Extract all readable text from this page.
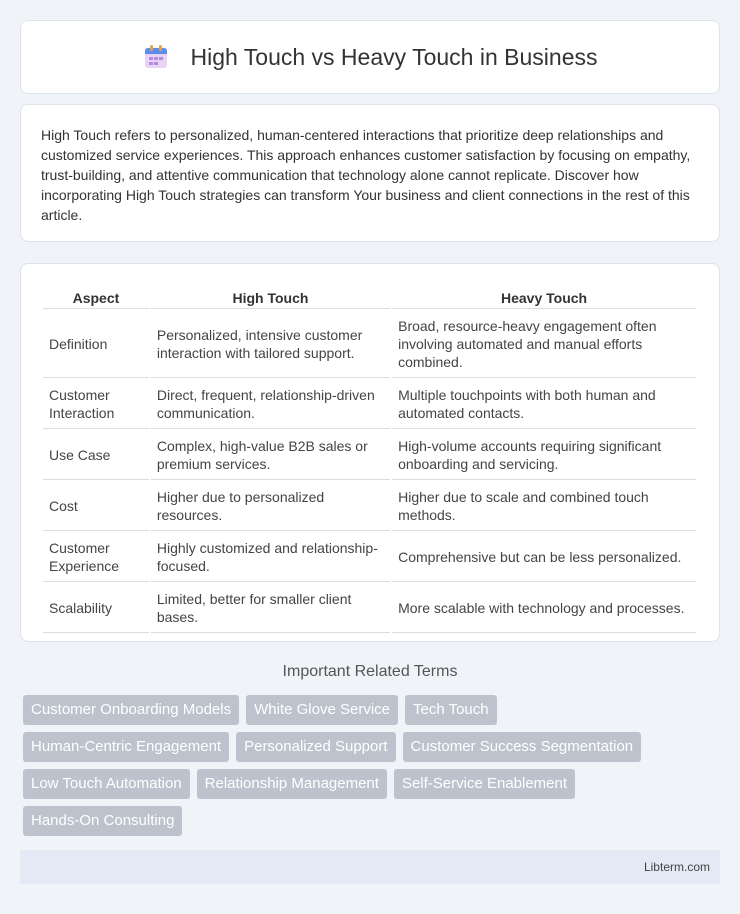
High Touch vs Heavy Touch in Business

High Touch refers to personalized, human-centered interactions that prioritize deep relationships and customized service experiences. This approach enhances customer satisfaction by focusing on empathy, trust-building, and attentive communication that technology alone cannot replicate. Discover how incorporating High Touch strategies can transform Your business and client connections in the rest of this article.

Aspect	High Touch	Heavy Touch
Definition	Personalized, intensive customer interaction with tailored support.	Broad, resource-heavy engagement often involving automated and manual efforts combined.
Customer Interaction	Direct, frequent, relationship-driven communication.	Multiple touchpoints with both human and automated contacts.
Use Case	Complex, high-value B2B sales or premium services.	High-volume accounts requiring significant onboarding and servicing.
Cost	Higher due to personalized resources.	Higher due to scale and combined touch methods.
Customer Experience	Highly customized and relationship-focused.	Comprehensive but can be less personalized.
Scalability	Limited, better for smaller client bases.	More scalable with technology and processes.
Important Related Terms
Customer Onboarding Models	White Glove Service	Tech Touch
Human-Centric Engagement	Personalized Support	Customer Success Segmentation
Low Touch Automation	Relationship Management	Self-Service Enablement
Hands-On Consulting
Libterm.com
